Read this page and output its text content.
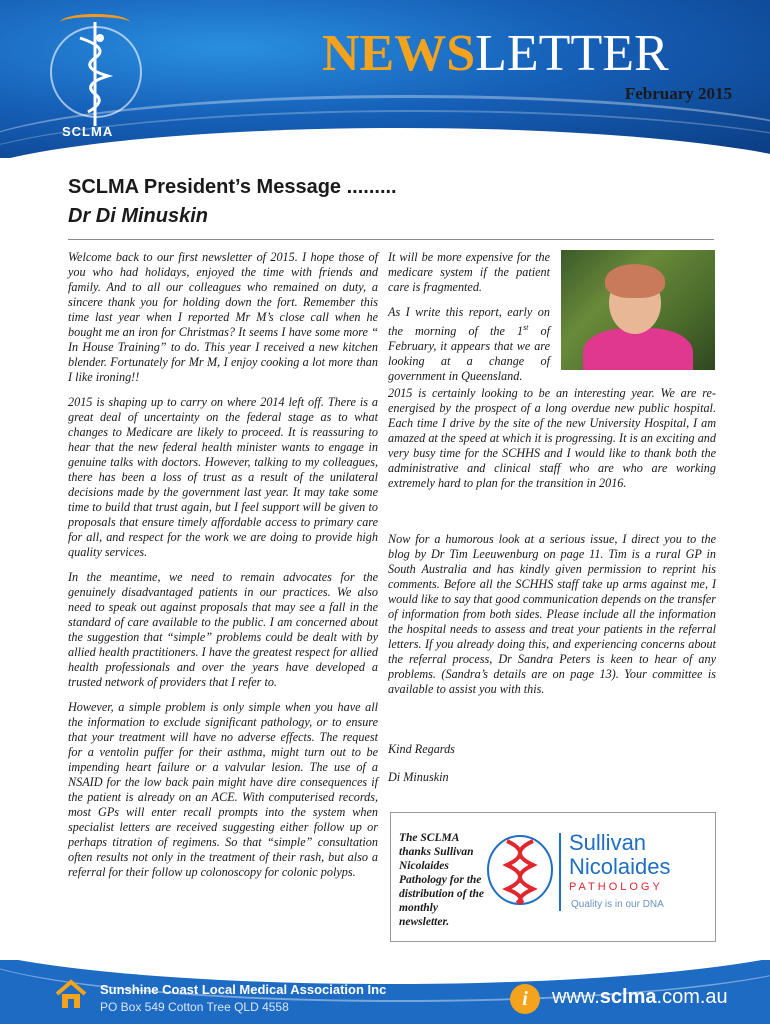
SCLMA
NEWSLETTER
February 2015
SCLMA President’s Message .........
Dr Di Minuskin

Welcome back to our first newsletter of 2015. I hope those of you who had holidays, enjoyed the time with friends and family. And to all our colleagues who remained on duty, a sincere thank you for holding down the fort. Remember this time last year when I reported Mr M’s close call when he bought me an iron for Christmas? It seems I have some more “ In House Training” to do. This year I received a new kitchen blender. Fortunately for Mr M, I enjoy cooking a lot more than I like ironing!!

2015 is shaping up to carry on where 2014 left off. There is a great deal of uncertainty on the federal stage as to what changes to Medicare are likely to proceed. It is reassuring to hear that the new federal health minister wants to engage in genuine talks with doctors. However, talking to my colleagues, there has been a loss of trust as a result of the unilateral decisions made by the government last year. It may take some time to build that trust again, but I feel support will be given to proposals that ensure timely affordable access to primary care for all, and respect for the work we are doing to provide high quality services.

In the meantime, we need to remain advocates for the genuinely disadvantaged patients in our practices. We also need to speak out against proposals that may see a fall in the standard of care available to the public. I am concerned about the suggestion that “simple” problems could be dealt with by allied health practitioners. I have the greatest respect for allied health professionals and over the years have developed a trusted network of providers that I refer to.

However, a simple problem is only simple when you have all the information to exclude significant pathology, or to ensure that your treatment will have no adverse effects. The request for a ventolin puffer for their asthma, might turn out to be impending heart failure or a valvular lesion. The use of a NSAID for the low back pain might have dire consequences if the patient is already on an ACE. With computerised records, most GPs will enter recall prompts into the system when specialist letters are received suggesting either follow up or perhaps titration of regimens. So that “simple” consultation often results not only in the treatment of their rash, but also a referral for their follow up colonoscopy for colonic polyps.

It will be more expensive for the medicare system if the patient care is fragmented.

As I write this report, early on the morning of the 1st of February, it appears that we are looking at a change of government in Queensland.

2015 is certainly looking to be an interesting year. We are re-energised by the prospect of a long overdue new public hospital. Each time I drive by the site of the new University Hospital, I am amazed at the speed at which it is progressing. It is an exciting and very busy time for the SCHHS and I would like to thank both the administrative and clinical staff who are who are working extremely hard to plan for the transition in 2016.

Now for a humorous look at a serious issue, I direct you to the blog by Dr Tim Leeuwenburg on page 11. Tim is a rural GP in South Australia and has kindly given permission to reprint his comments. Before all the SCHHS staff take up arms against me, I would like to say that good communication depends on the transfer of information from both sides. Please include all the information the hospital needs to assess and treat your patients in the referral letters. If you already doing this, and experiencing concerns about the referral process, Dr Sandra Peters is keen to hear of any problems. (Sandra’s details are on page 13). Your committee is available to assist you with this.

Kind Regards
Di Minuskin
The SCLMA thanks Sullivan Nicolaides Pathology for the distribution of the monthly newsletter.
Sullivan
Nicolaides
PATHOLOGY
Quality is in our DNA
Sunshine Coast Local Medical Association Inc
PO Box 549 Cotton Tree QLD 4558	i	www.sclma.com.au
